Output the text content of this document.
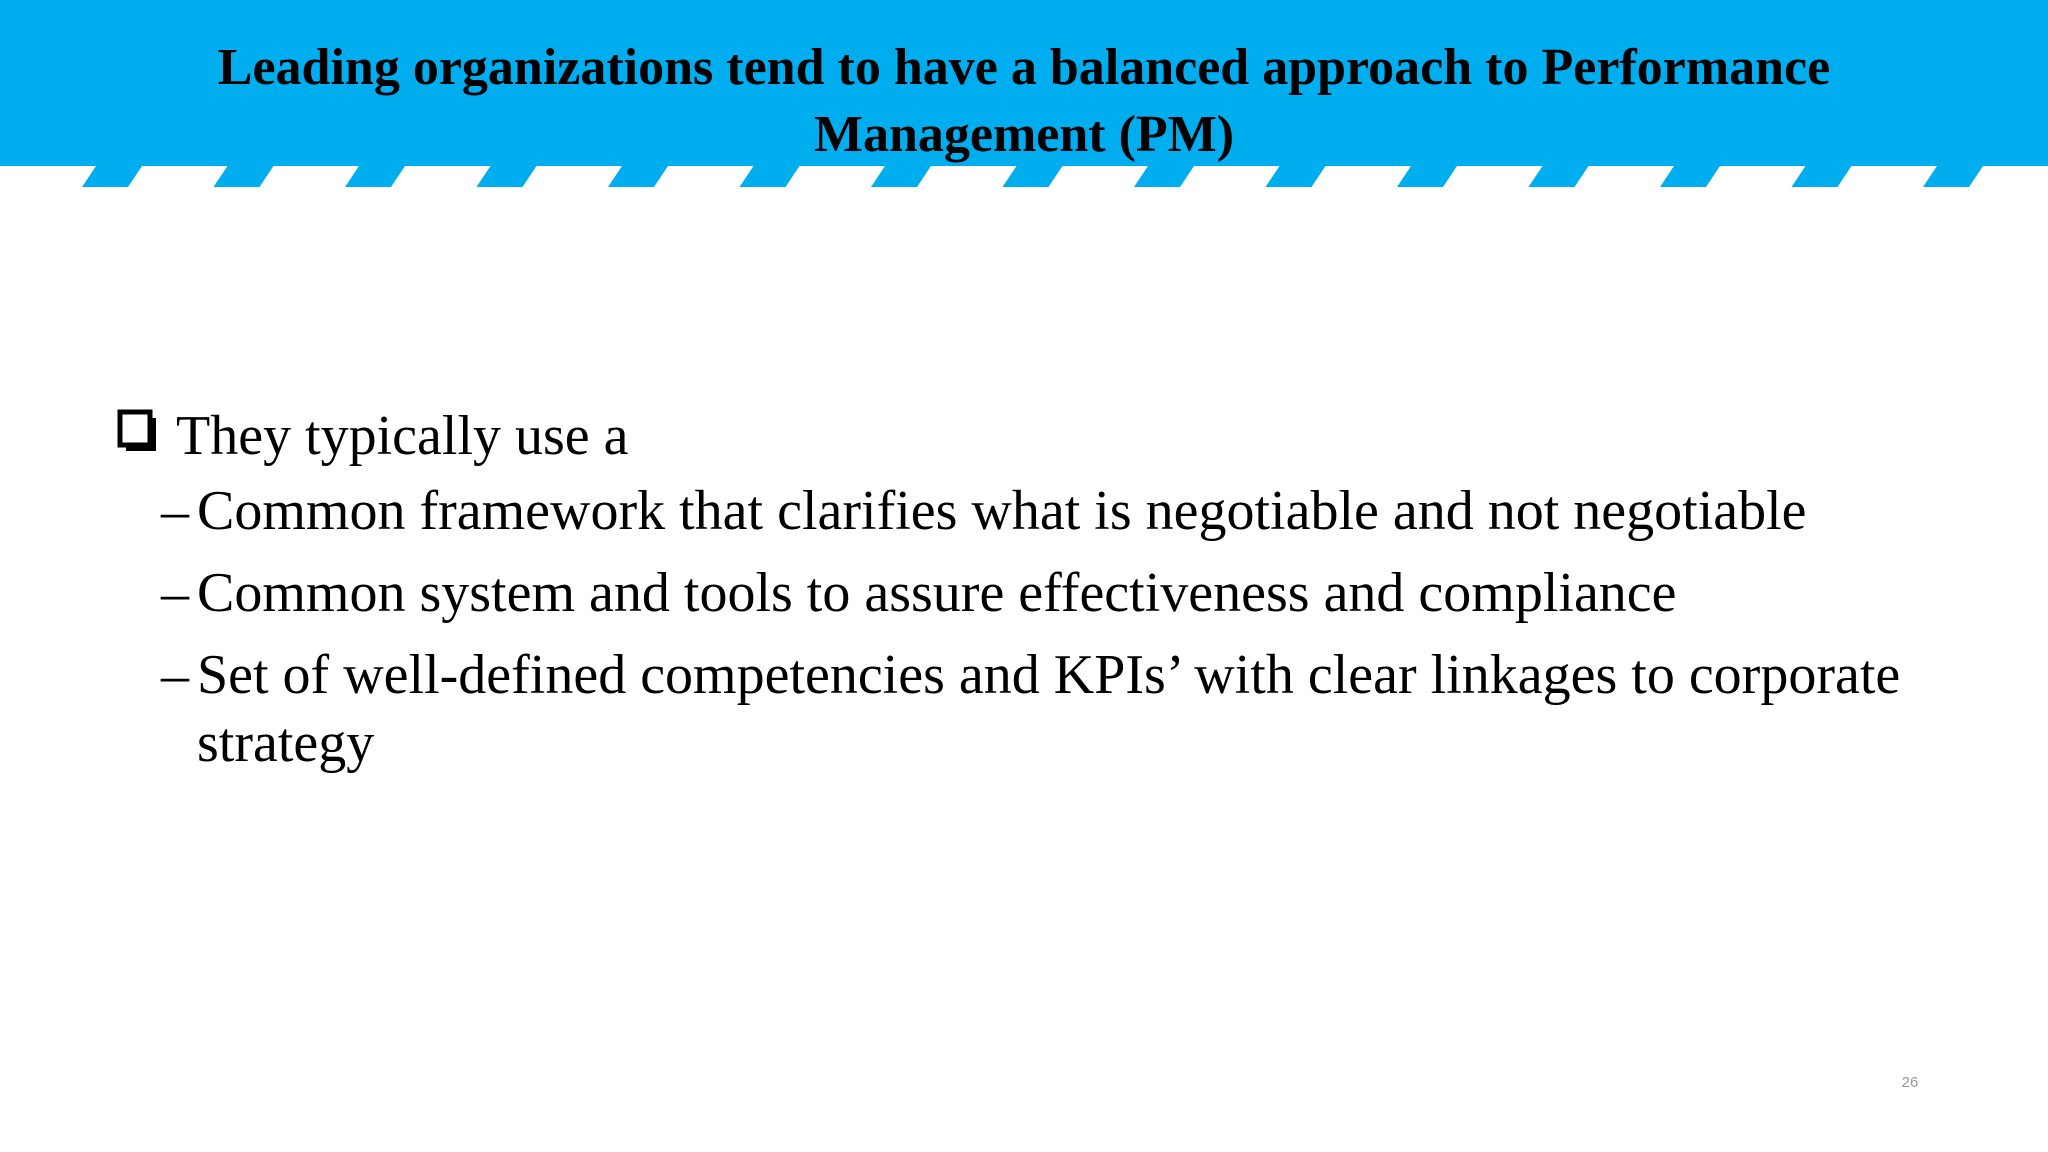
Leading organizations tend to have a balanced approach to Performance Management (PM)
They typically use a
– Common framework that clarifies what is negotiable and not negotiable
– Common system and tools to assure effectiveness and compliance
– Set of well-defined competencies and KPIs’ with clear linkages to corporate strategy
26
